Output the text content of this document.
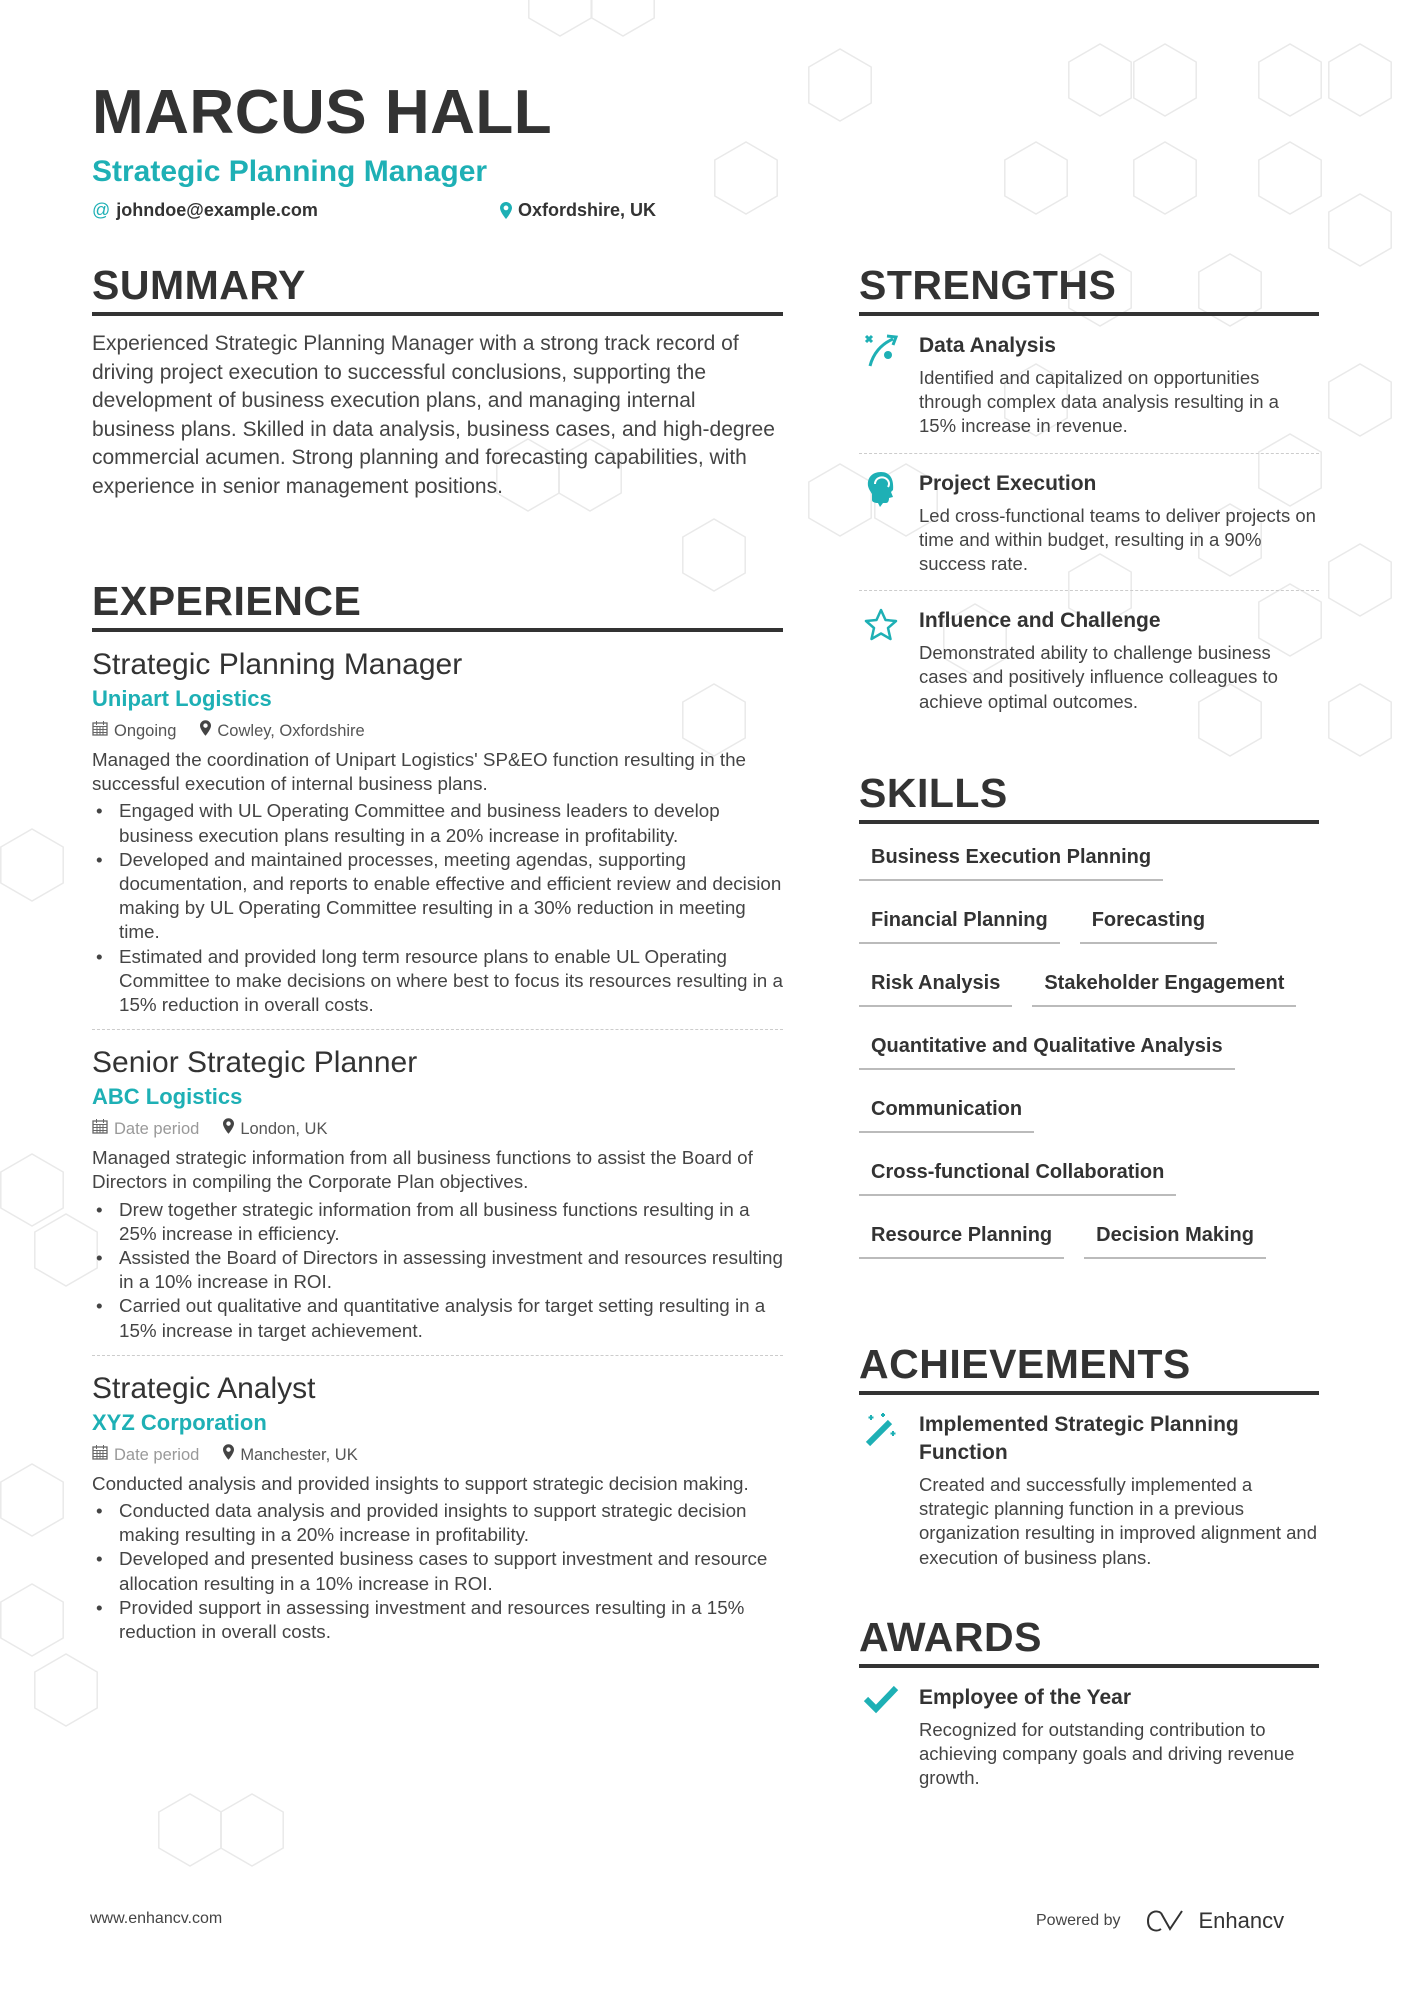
MARCUS HALL
Strategic Planning Manager
@ johndoe@example.com	Oxfordshire, UK
SUMMARY
Experienced Strategic Planning Manager with a strong track record of driving project execution to successful conclusions, supporting the development of business execution plans, and managing internal business plans. Skilled in data analysis, business cases, and high-degree commercial acumen. Strong planning and forecasting capabilities, with experience in senior management positions.
EXPERIENCE
Strategic Planning Manager
Unipart Logistics
Ongoing Cowley, Oxfordshire
Managed the coordination of Unipart Logistics' SP&EO function resulting in the successful execution of internal business plans.
• Engaged with UL Operating Committee and business leaders to develop business execution plans resulting in a 20% increase in profitability.
• Developed and maintained processes, meeting agendas, supporting documentation, and reports to enable effective and efficient review and decision making by UL Operating Committee resulting in a 30% reduction in meeting time.
• Estimated and provided long term resource plans to enable UL Operating Committee to make decisions on where best to focus its resources resulting in a 15% reduction in overall costs.
Senior Strategic Planner
ABC Logistics
Date period London, UK
Managed strategic information from all business functions to assist the Board of Directors in compiling the Corporate Plan objectives.
• Drew together strategic information from all business functions resulting in a 25% increase in efficiency.
• Assisted the Board of Directors in assessing investment and resources resulting in a 10% increase in ROI.
• Carried out qualitative and quantitative analysis for target setting resulting in a 15% increase in target achievement.
Strategic Analyst
XYZ Corporation
Date period Manchester, UK
Conducted analysis and provided insights to support strategic decision making.
• Conducted data analysis and provided insights to support strategic decision making resulting in a 20% increase in profitability.
• Developed and presented business cases to support investment and resource allocation resulting in a 10% increase in ROI.
• Provided support in assessing investment and resources resulting in a 15% reduction in overall costs.
STRENGTHS
Data Analysis
Identified and capitalized on opportunities through complex data analysis resulting in a 15% increase in revenue.
Project Execution
Led cross-functional teams to deliver projects on time and within budget, resulting in a 90% success rate.
Influence and Challenge
Demonstrated ability to challenge business cases and positively influence colleagues to achieve optimal outcomes.
SKILLS
Business Execution Planning
Financial Planning	Forecasting
Risk Analysis	Stakeholder Engagement
Quantitative and Qualitative Analysis
Communication
Cross-functional Collaboration
Resource Planning	Decision Making
ACHIEVEMENTS
Implemented Strategic Planning Function
Created and successfully implemented a strategic planning function in a previous organization resulting in improved alignment and execution of business plans.
AWARDS
Employee of the Year
Recognized for outstanding contribution to achieving company goals and driving revenue growth.
www.enhancv.com	Powered by	Enhancv
